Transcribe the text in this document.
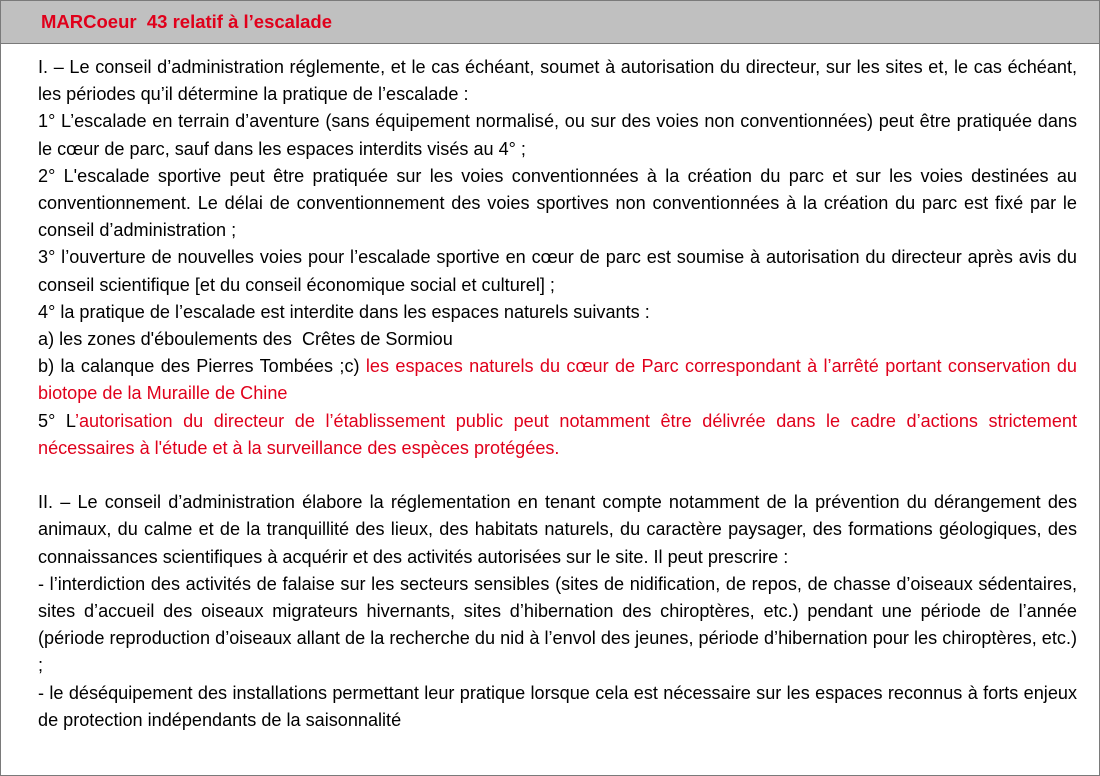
MARCoeur  43 relatif à l’escalade

I. – Le conseil d’administration réglemente, et le cas échéant, soumet à autorisation du directeur, sur les sites et, le cas échéant, les périodes qu’il détermine la pratique de l’escalade :

1° L’escalade en terrain d’aventure (sans équipement normalisé, ou sur des voies non conventionnées) peut être pratiquée dans le cœur de parc, sauf dans les espaces interdits visés au 4° ;

2° L'escalade sportive peut être pratiquée sur les voies conventionnées à la création du parc et sur les voies destinées au conventionnement. Le délai de conventionnement des voies sportives non conventionnées à la création du parc est fixé par le conseil d’administration ;

3° l’ouverture de nouvelles voies pour l’escalade sportive en cœur de parc est soumise à autorisation du directeur après avis du conseil scientifique [et du conseil économique social et culturel] ;

4° la pratique de l’escalade est interdite dans les espaces naturels suivants :

a) les zones d'éboulements des  Crêtes de Sormiou

b) la calanque des Pierres Tombées ;c) les espaces naturels du cœur de Parc correspondant à l’arrêté portant conservation du biotope de la Muraille de Chine

5° L’autorisation du directeur de l’établissement public peut notamment être délivrée dans le cadre d’actions strictement nécessaires à l'étude et à la surveillance des espèces protégées.

II. – Le conseil d’administration élabore la réglementation en tenant compte notamment de la prévention du dérangement des animaux, du calme et de la tranquillité des lieux, des habitats naturels, du caractère paysager, des formations géologiques, des connaissances scientifiques à acquérir et des activités autorisées sur le site. Il peut prescrire :

- l’interdiction des activités de falaise sur les secteurs sensibles (sites de nidification, de repos, de chasse d’oiseaux sédentaires, sites d’accueil des oiseaux migrateurs hivernants, sites d’hibernation des chiroptères, etc.) pendant une période de l’année (période reproduction d’oiseaux allant de la recherche du nid à l’envol des jeunes, période d’hibernation pour les chiroptères, etc.) ;

- le déséquipement des installations permettant leur pratique lorsque cela est nécessaire sur les espaces reconnus à forts enjeux de protection indépendants de la saisonnalité
